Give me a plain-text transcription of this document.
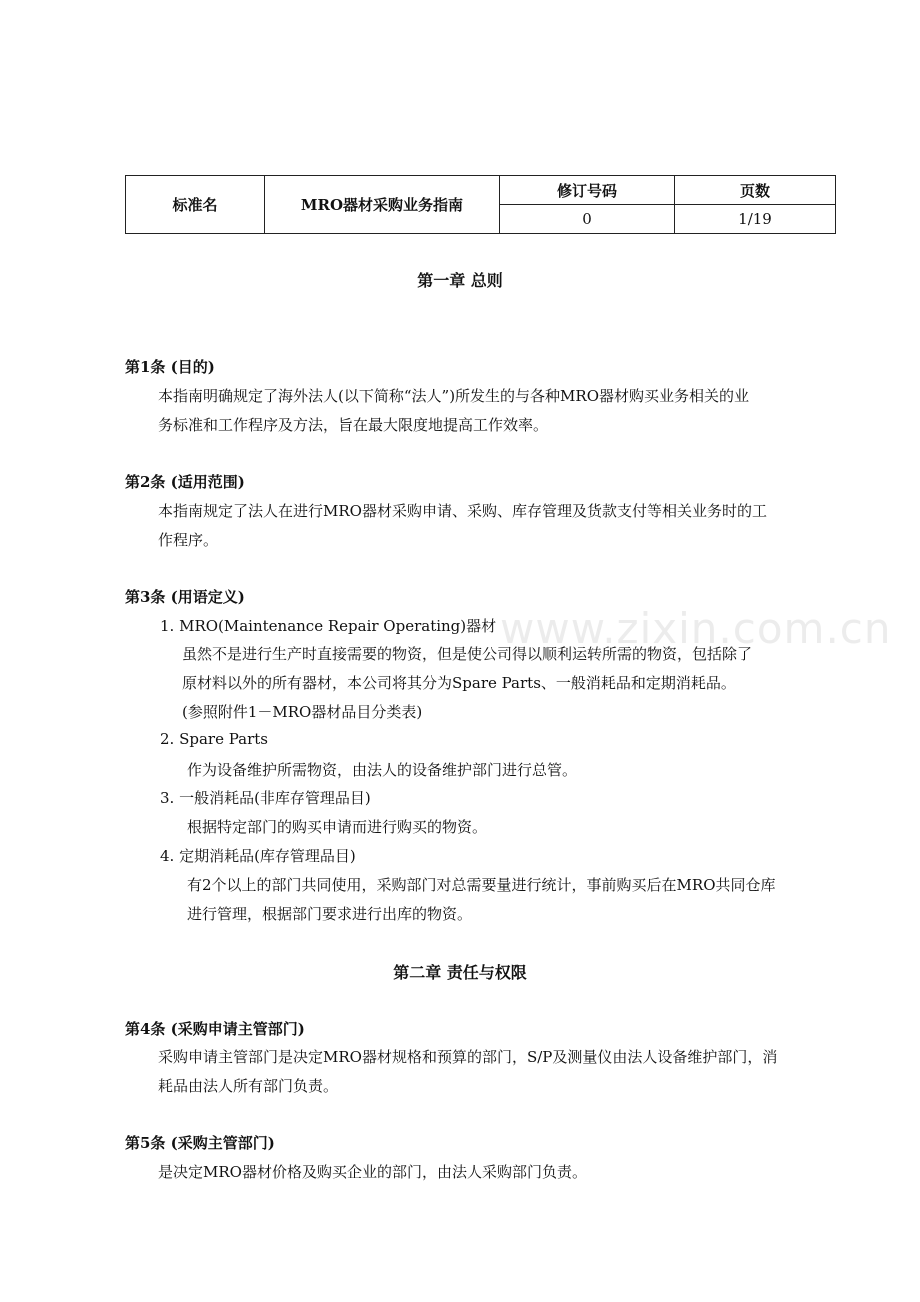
www.zixin.com.cn
标准名	MRO器材采购业务指南	修订号码	页数
		0	1/19
第一章 总则
第1条 (目的)
本指南明确规定了海外法人(以下简称“法人”)所发生的与各种MRO器材购买业务相关的业
务标准和工作程序及方法，旨在最大限度地提高工作效率。
第2条 (适用范围)
本指南规定了法人在进行MRO器材采购申请、采购、库存管理及货款支付等相关业务时的工
作程序。
第3条 (用语定义)
1. MRO(Maintenance Repair Operating)器材
虽然不是进行生产时直接需要的物资，但是使公司得以顺利运转所需的物资，包括除了
原材料以外的所有器材，本公司将其分为Spare Parts、一般消耗品和定期消耗品。
(参照附件1－MRO器材品目分类表)
2. Spare Parts
作为设备维护所需物资，由法人的设备维护部门进行总管。
3. 一般消耗品(非库存管理品目)
根据特定部门的购买申请而进行购买的物资。
4. 定期消耗品(库存管理品目)
有2个以上的部门共同使用，采购部门对总需要量进行统计，事前购买后在MRO共同仓库
进行管理，根据部门要求进行出库的物资。
第二章 责任与权限
第4条 (采购申请主管部门)
采购申请主管部门是决定MRO器材规格和预算的部门，S/P及测量仪由法人设备维护部门，消
耗品由法人所有部门负责。
第5条 (采购主管部门)
是决定MRO器材价格及购买企业的部门，由法人采购部门负责。
